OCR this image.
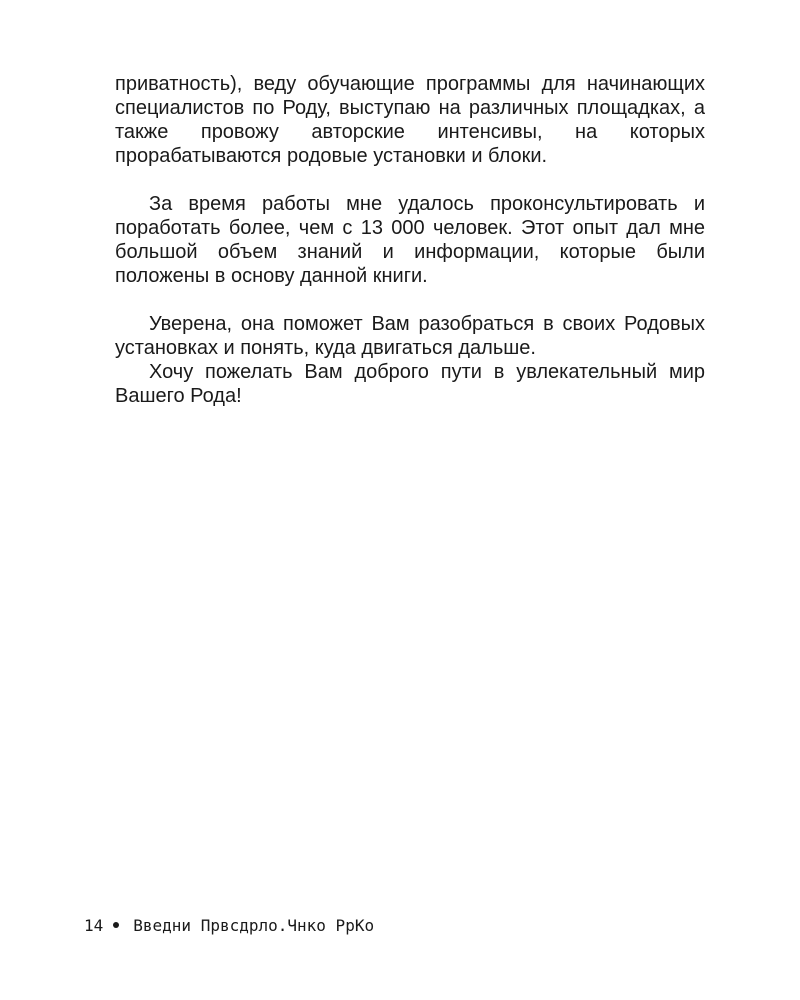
приватность), веду обучающие программы для начинающих специалистов по Роду, выступаю на различных площадках, а также провожу авторские интенсивы, на которых прорабатываются родовые установки и блоки.

За время работы мне удалось проконсультировать и поработать более, чем с 13 000 человек. Этот опыт дал мне большой объем знаний и информации, которые были положены в основу данной книги.

Уверена, она поможет Вам разобраться в своих Родовых установках и понять, куда двигаться дальше.

Хочу пожелать Вам доброго пути в увлекательный мир Вашего Рода!

14 Введни Првсдрло.Чнко РрКо
